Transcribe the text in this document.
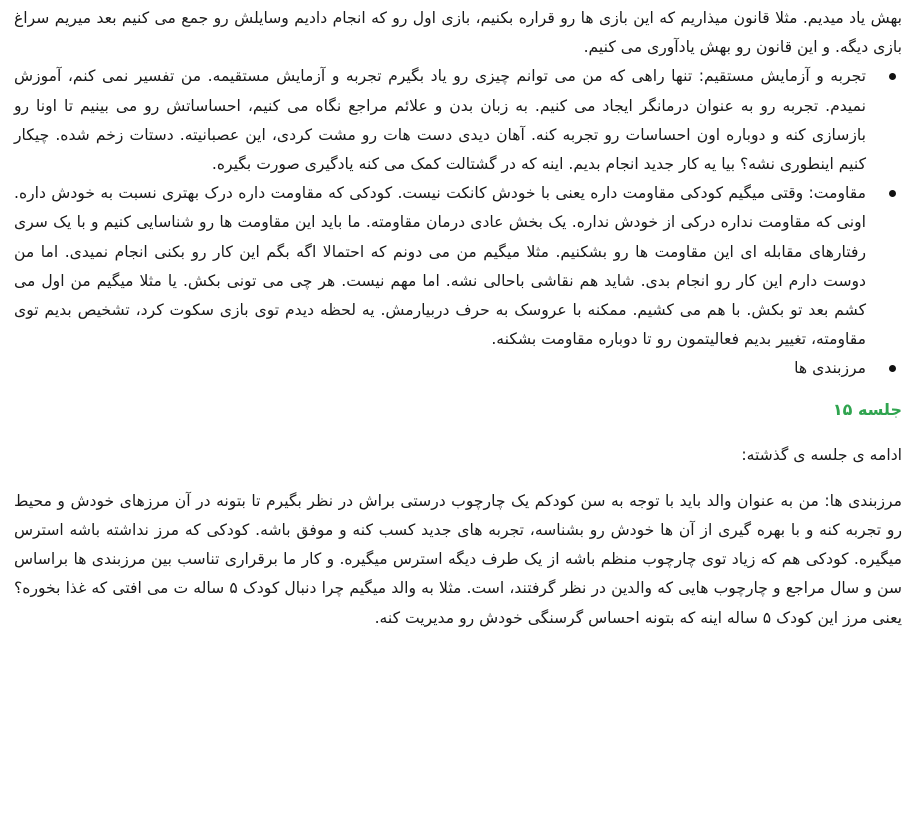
بهش یاد میدیم. مثلا قانون میذاریم که این بازی ها رو قراره بکنیم، بازی اول رو که انجام دادیم وسایلش رو جمع می کنیم بعد میریم سراغ بازی دیگه. و این قانون رو بهش یادآوری می کنیم.

تجربه و آزمایش مستقیم: تنها راهی که من می توانم چیزی رو یاد بگیرم تجربه و آزمایش مستقیمه. من تفسیر نمی کنم، آموزش نمیدم. تجربه رو به عنوان درمانگر ایجاد می کنیم. به زبان بدن و علائم مراجع نگاه می کنیم، احساساتش رو می بینیم تا اونا رو بازسازی کنه و دوباره اون احساسات رو تجربه کنه. آهان دیدی دست هات رو مشت کردی، این عصبانیته. دستات زخم شده. چیکار کنیم اینطوری نشه؟ بیا یه کار جدید انجام بدیم. اینه که در گشتالت کمک می کنه یادگیری صورت بگیره.
مقاومت: وقتی میگیم کودکی مقاومت داره یعنی با خودش کانکت نیست. کودکی که مقاومت داره درک بهتری نسبت به خودش داره. اونی که مقاومت نداره درکی از خودش نداره. یک بخش عادی درمان مقاومته. ما باید این مقاومت ها رو شناسایی کنیم و با یک سری رفتارهای مقابله ای این مقاومت ها رو بشکنیم. مثلا میگیم من می دونم که احتمالا اگه بگم این کار رو بکنی انجام نمیدی. اما من دوست دارم این کار رو انجام بدی. شاید هم نقاشی باحالی نشه. اما مهم نیست. هر چی می تونی بکش. یا مثلا میگیم من اول می کشم بعد تو بکش. با هم می کشیم. ممکنه با عروسک به حرف دربیارمش. یه لحظه دیدم توی بازی سکوت کرد، تشخیص بدیم توی مقاومته، تغییر بدیم فعالیتمون رو تا دوباره مقاومت بشکنه.
مرزبندی ها
جلسه ۱۵

ادامه ی جلسه ی گذشته:

مرزبندی ها: من به عنوان والد باید با توجه به سن کودکم یک چارچوب درستی براش در نظر بگیرم تا بتونه در آن مرزهای خودش و محیط رو تجربه کنه و با بهره گیری از آن ها خودش رو بشناسه، تجربه های جدید کسب کنه و موفق باشه. کودکی که مرز نداشته باشه استرس میگیره. کودکی هم که زیاد توی چارچوب منظم باشه از یک طرف دیگه استرس میگیره. و کار ما برقراری تناسب بین مرزبندی ها براساس سن و سال مراجع و چارچوب هایی که والدین در نظر گرفتند، است. مثلا به والد میگیم چرا دنبال کودک ۵ ساله ت می افتی که غذا بخوره؟ یعنی مرز این کودک ۵ ساله اینه که بتونه احساس گرسنگی خودش رو مدیریت کنه.
